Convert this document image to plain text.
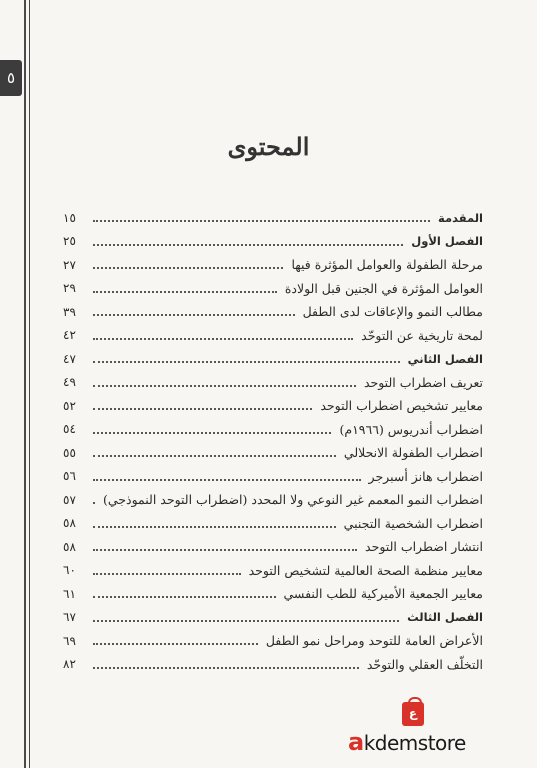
٥
المحتوى
المقدمة
١٥
الفصل الأول
٢٥
مرحلة الطفولة والعوامل المؤثرة فيها
٢٧
العوامل المؤثرة في الجنين قبل الولادة
٢٩
مطالب النمو والإعاقات لدى الطفل
٣٩
لمحة تاريخية عن التوحّد
٤٢
الفصل الثاني
٤٧
تعريف اضطراب التوحد
٤٩
معايير تشخيص اضطراب التوحد
٥٢
اضطراب أندريوس (١٩٦٦م)
٥٤
اضطراب الطفولة الانحلالي
٥٥
اضطراب هانز أسبرجر
٥٦
اضطراب النمو المعمم غير النوعي ولا المحدد (اضطراب التوحد النموذجي)
٥٧
اضطراب الشخصية التجنبي
٥٨
انتشار اضطراب التوحد
٥٨
معايير منظمة الصحة العالمية لتشخيص التوحد
٦٠
معايير الجمعية الأميركية للطب النفسي
٦١
الفصل الثالث
٦٧
الأعراض العامة للتوحد ومراحل نمو الطفل
٦٩
التخلّف العقلي والتوحّد
٨٢
ع
akdemstore
